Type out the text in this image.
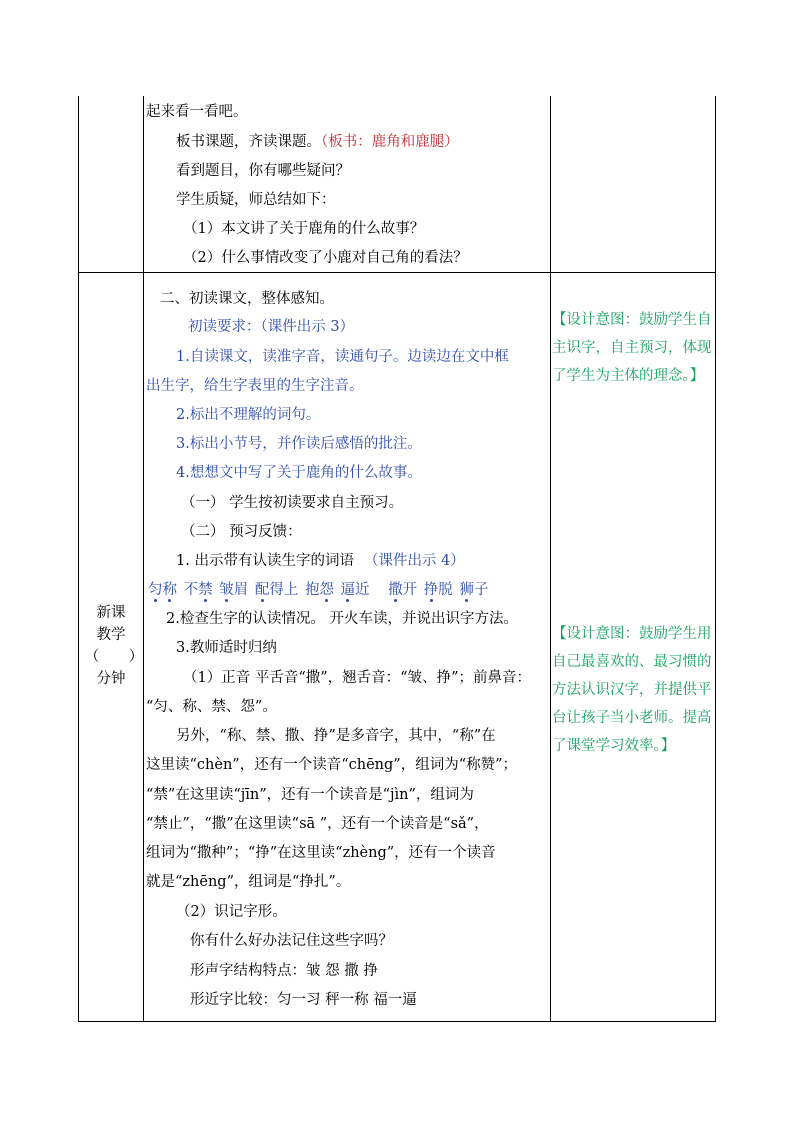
起来看一看吧。
板书课题，齐读课题。（板书：鹿角和鹿腿）
看到题目，你有哪些疑问？
学生质疑，师总结如下：
（1）本文讲了关于鹿角的什么故事？
（2）什么事情改变了小鹿对自己角的看法？
新课
教学
（ ）
分钟
二、初读课文，整体感知。
初读要求：（课件出示 3）
1.自读课文，读准字音，读通句子。边读边在文中框
出生字，给生字表里的生字注音。
2.标出不理解的词句。
3.标出小节号，并作读后感悟的批注。
4.想想文中写了关于鹿角的什么故事。
（一） 学生按初读要求自主预习。
（二） 预习反馈：
1. 出示带有认读生字的词语 （课件出示 4）
匀称 不禁 皱眉 配得上 抱怨 逼近 撒开 挣脱 狮子
2.检查生字的认读情况。 开火车读，并说出识字方法。
3.教师适时归纳
（1）正音 平舌音“撒”，翘舌音：“皱、挣”；前鼻音：
“匀、称、禁、怨”。
另外，“称、禁、撒、挣”是多音字，其中，“称”在
这里读“chèn”，还有一个读音“chēng”，组词为“称赞”；
“禁”在这里读“jīn”，还有一个读音是“jìn”，组词为
“禁止”，“撒”在这里读“sā ”，还有一个读音是“sǎ”，
组词为“撒种”；“挣”在这里读“zhèng”，还有一个读音
就是“zhēng”，组词是“挣扎”。
（2）识记字形。
你有什么好办法记住这些字吗？
形声字结构特点：皱 怨 撒 挣
形近字比较：匀一习 秤一称 福一逼
【设计意图：鼓励学生自主识字，自主预习，体现了学生为主体的理念。】
【设计意图：鼓励学生用自己最喜欢的、最习惯的方法认识汉字，并提供平台让孩子当小老师。提高了课堂学习效率。】
